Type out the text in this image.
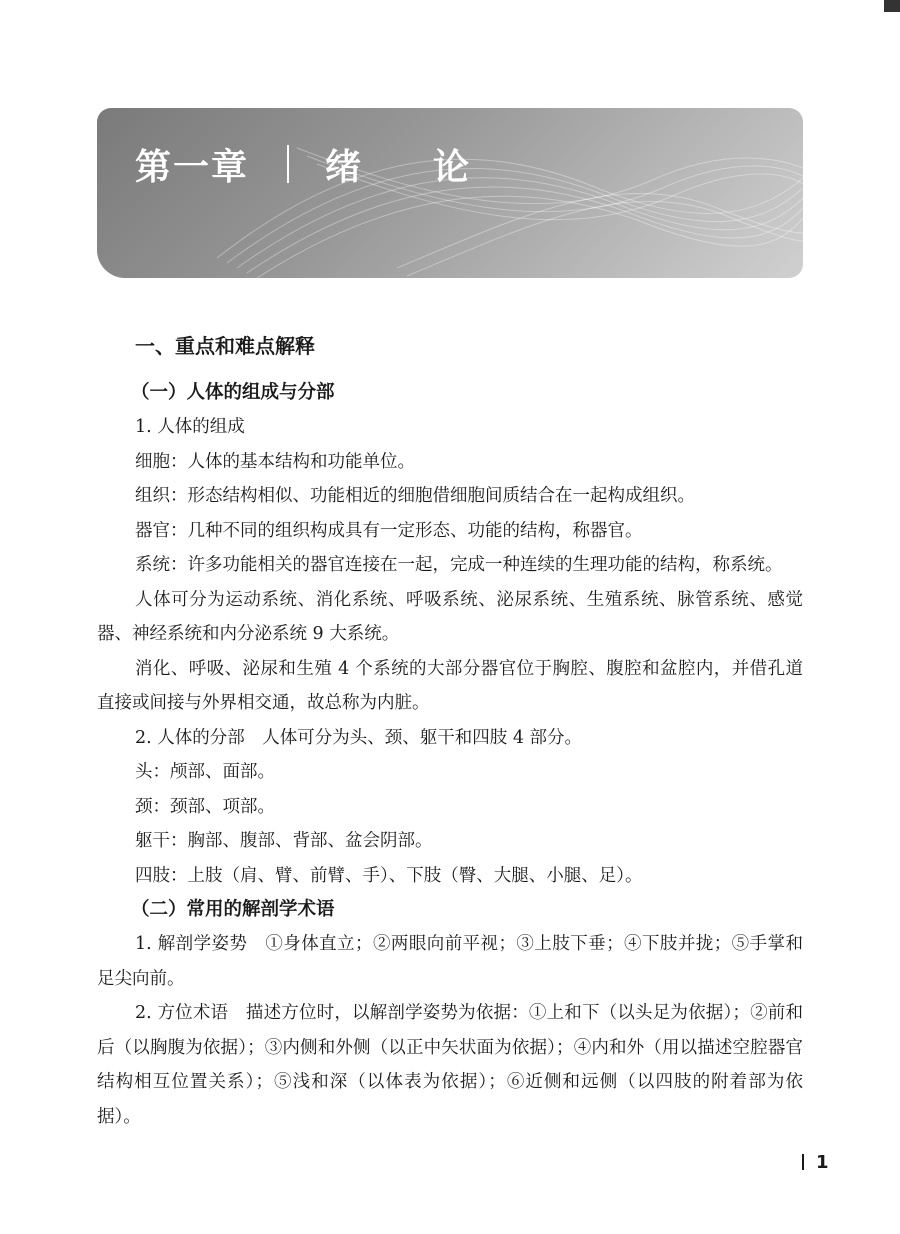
第一章 绪论
一、重点和难点解释
（一）人体的组成与分部

1. 人体的组成

细胞：人体的基本结构和功能单位。

组织：形态结构相似、功能相近的细胞借细胞间质结合在一起构成组织。

器官：几种不同的组织构成具有一定形态、功能的结构，称器官。

系统：许多功能相关的器官连接在一起，完成一种连续的生理功能的结构，称系统。

人体可分为运动系统、消化系统、呼吸系统、泌尿系统、生殖系统、脉管系统、感觉器、神经系统和内分泌系统 9 大系统。

消化、呼吸、泌尿和生殖 4 个系统的大部分器官位于胸腔、腹腔和盆腔内，并借孔道直接或间接与外界相交通，故总称为内脏。

2. 人体的分部　人体可分为头、颈、躯干和四肢 4 部分。

头：颅部、面部。

颈：颈部、项部。

躯干：胸部、腹部、背部、盆会阴部。

四肢：上肢（肩、臂、前臂、手）、下肢（臀、大腿、小腿、足）。

（二）常用的解剖学术语

1. 解剖学姿势　①身体直立；②两眼向前平视；③上肢下垂；④下肢并拢；⑤手掌和足尖向前。

2. 方位术语　描述方位时，以解剖学姿势为依据：①上和下（以头足为依据）；②前和后（以胸腹为依据）；③内侧和外侧（以正中矢状面为依据）；④内和外（用以描述空腔器官结构相互位置关系）；⑤浅和深（以体表为依据）；⑥近侧和远侧（以四肢的附着部为依据）。

1
